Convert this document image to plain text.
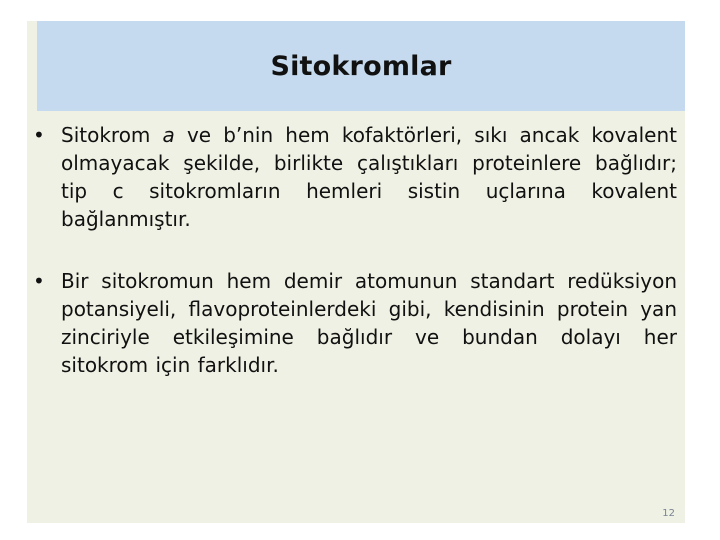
Sitokromlar
• Sitokrom a ve b’nin hem kofaktörleri, sıkı ancak kovalent olmayacak şekilde, birlikte çalıştıkları proteinlere bağlıdır; tip c sitokromların hemleri sistin uçlarına kovalent bağlanmıştır.
• Bir sitokromun hem demir atomunun standart redüksiyon potansiyeli, flavoproteinlerdeki gibi, kendisinin protein yan zinciriyle etkileşimine bağlıdır ve bundan dolayı her sitokrom için farklıdır.
12
